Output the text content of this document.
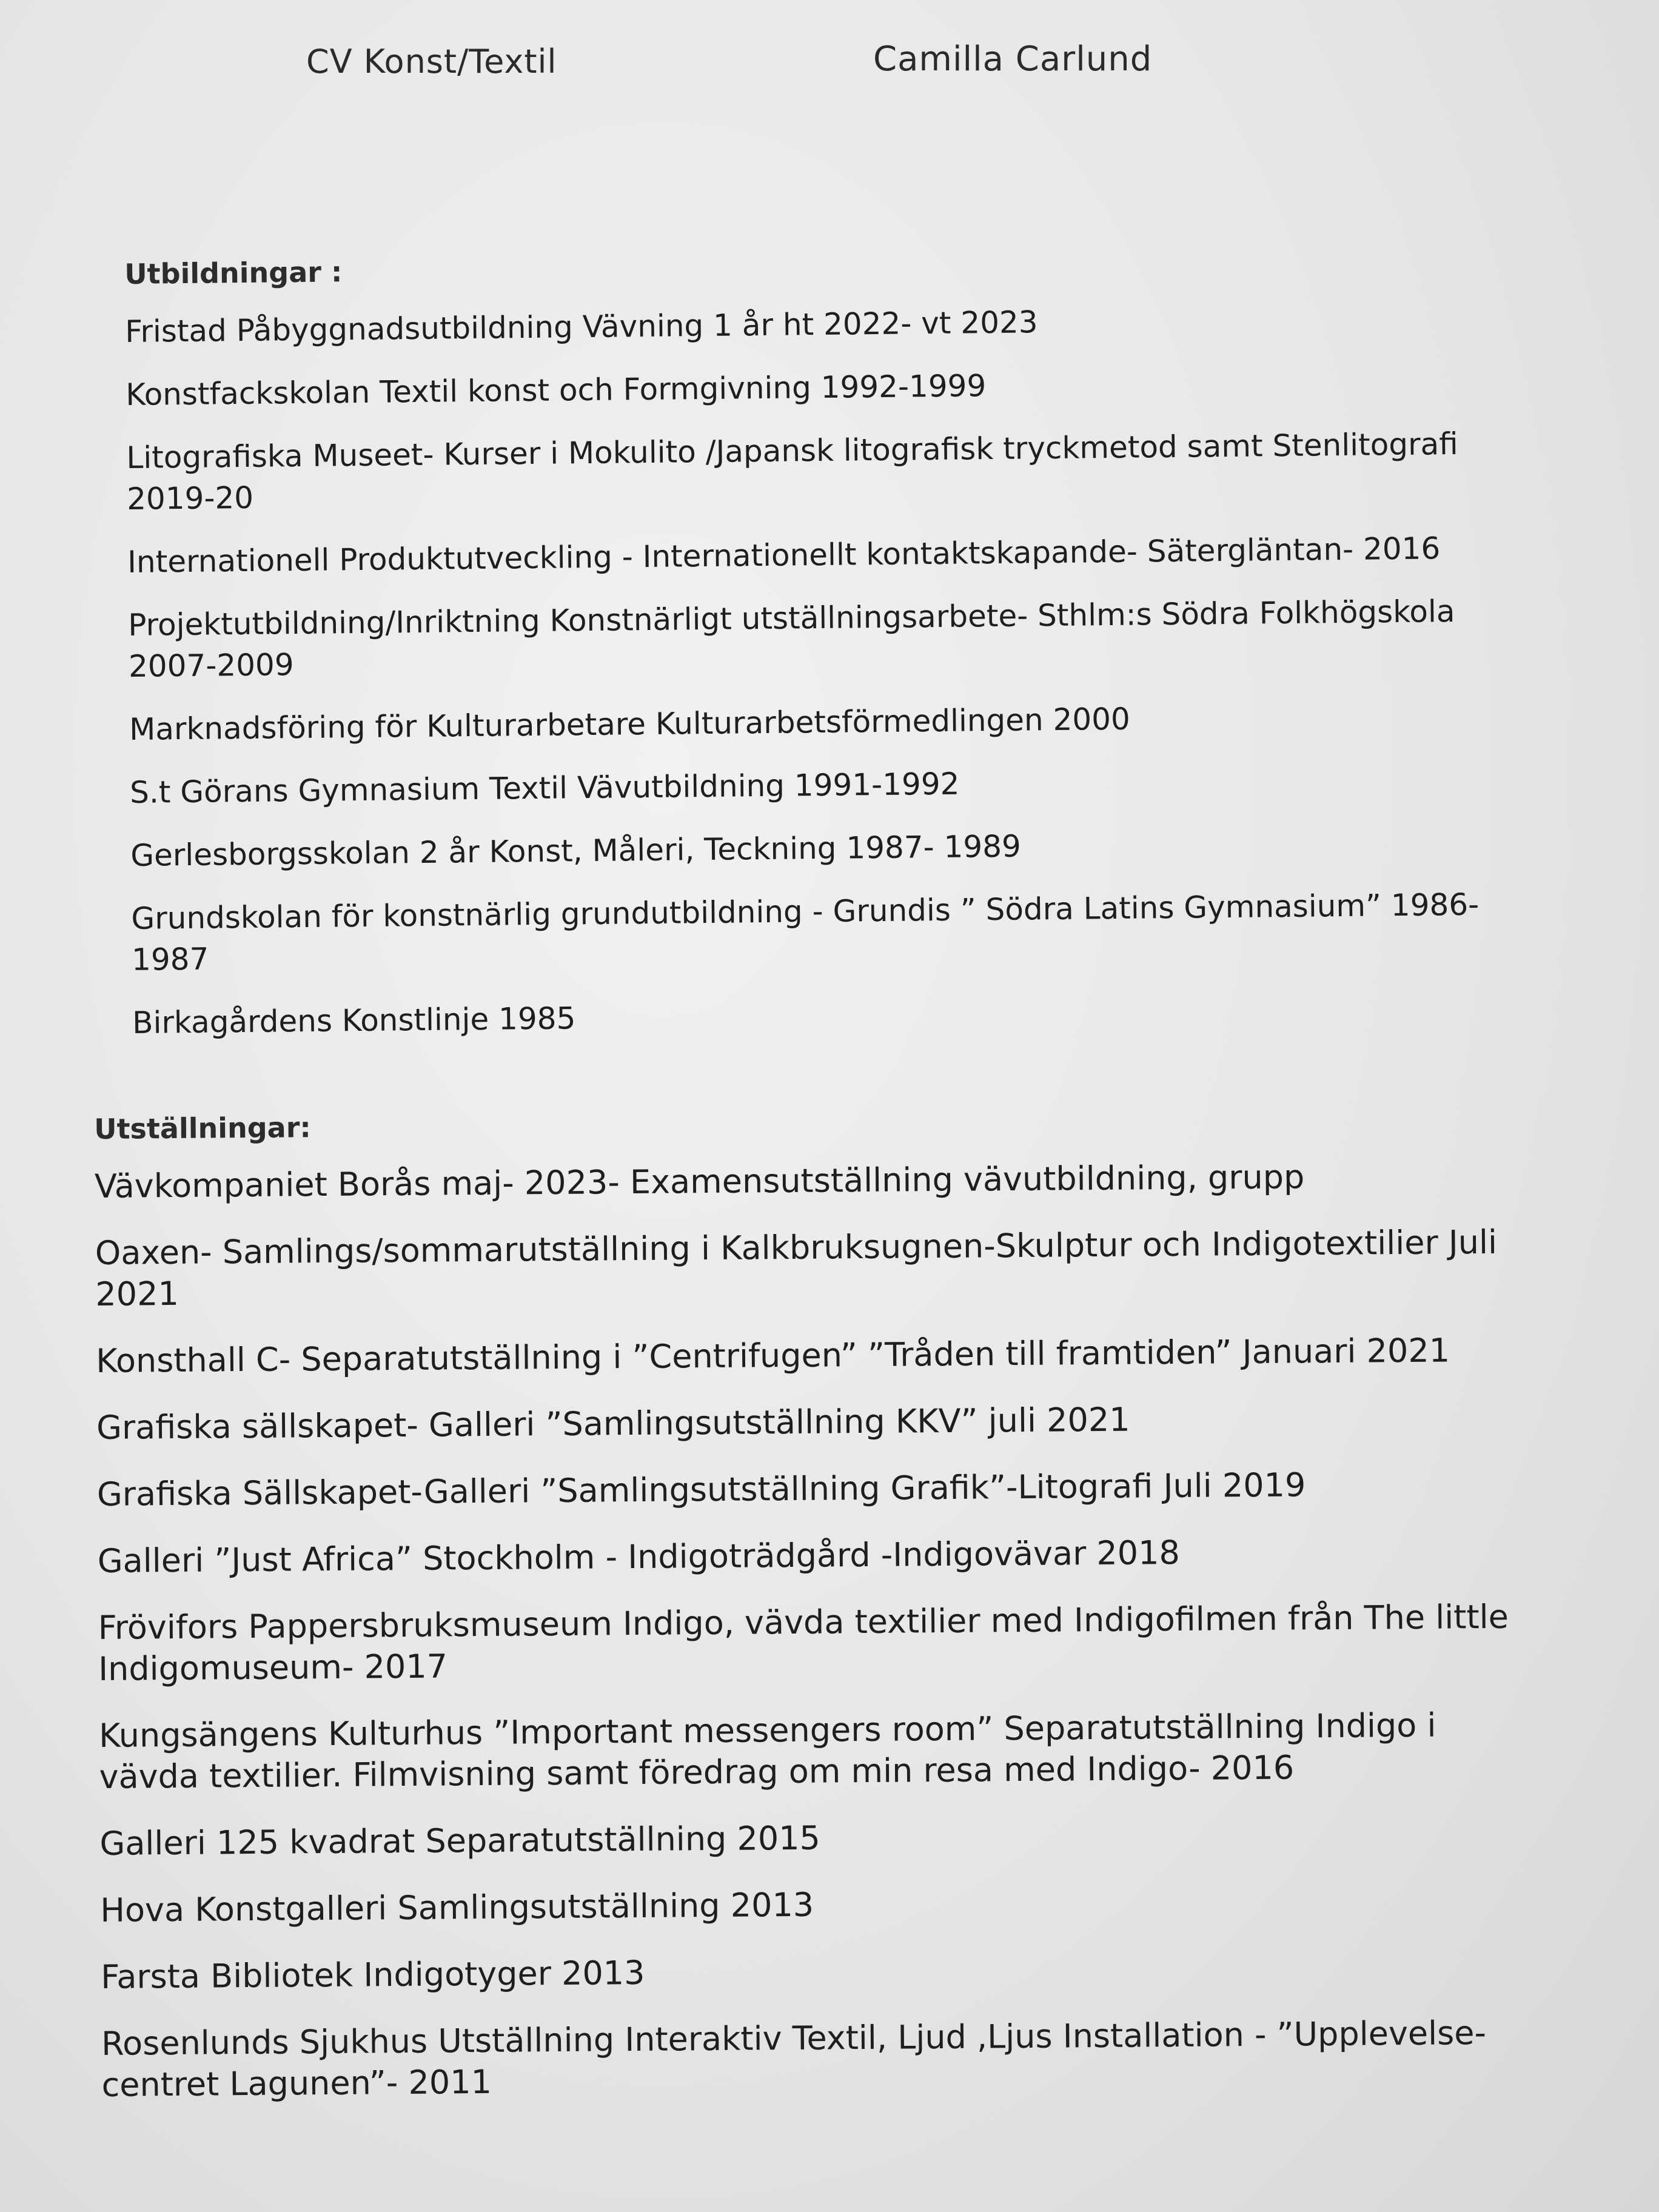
CV Konst/Textil	Camilla Carlund
Utbildningar :
Fristad Påbyggnadsutbildning Vävning 1 år ht 2022- vt 2023
Konstfackskolan Textil konst och Formgivning 1992-1999
Litografiska Museet- Kurser i Mokulito /Japansk litografisk tryckmetod samt Stenlitografi 2019-20
Internationell Produktutveckling - Internationellt kontaktskapande- Sätergläntan- 2016
Projektutbildning/Inriktning Konstnärligt utställningsarbete- Sthlm:s Södra Folkhögskola 2007-2009
Marknadsföring för Kulturarbetare Kulturarbetsförmedlingen 2000
S.t Görans Gymnasium Textil Vävutbildning 1991-1992
Gerlesborgsskolan 2 år Konst, Måleri, Teckning 1987- 1989
Grundskolan för konstnärlig grundutbildning - Grundis ” Södra Latins Gymnasium” 1986-1987
Birkagårdens Konstlinje 1985
Utställningar:
Vävkompaniet Borås maj- 2023- Examensutställning vävutbildning, grupp
Oaxen- Samlings/sommarutställning i Kalkbruksugnen-Skulptur och Indigotextilier Juli 2021
Konsthall C- Separatutställning i ”Centrifugen” ”Tråden till framtiden” Januari 2021
Grafiska sällskapet- Galleri ”Samlingsutställning KKV” juli 2021
Grafiska Sällskapet-Galleri ”Samlingsutställning Grafik”-Litografi Juli 2019
Galleri ”Just Africa” Stockholm - Indigoträdgård -Indigovävar 2018
Frövifors Pappersbruksmuseum Indigo, vävda textilier med Indigofilmen från The little Indigomuseum- 2017
Kungsängens Kulturhus ”Important messengers room” Separatutställning Indigo i vävda textilier. Filmvisning samt föredrag om min resa med Indigo- 2016
Galleri 125 kvadrat Separatutställning 2015
Hova Konstgalleri Samlingsutställning 2013
Farsta Bibliotek Indigotyger 2013
Rosenlunds Sjukhus Utställning Interaktiv Textil, Ljud ,Ljus Installation - ”Upplevelse-centret Lagunen”- 2011
